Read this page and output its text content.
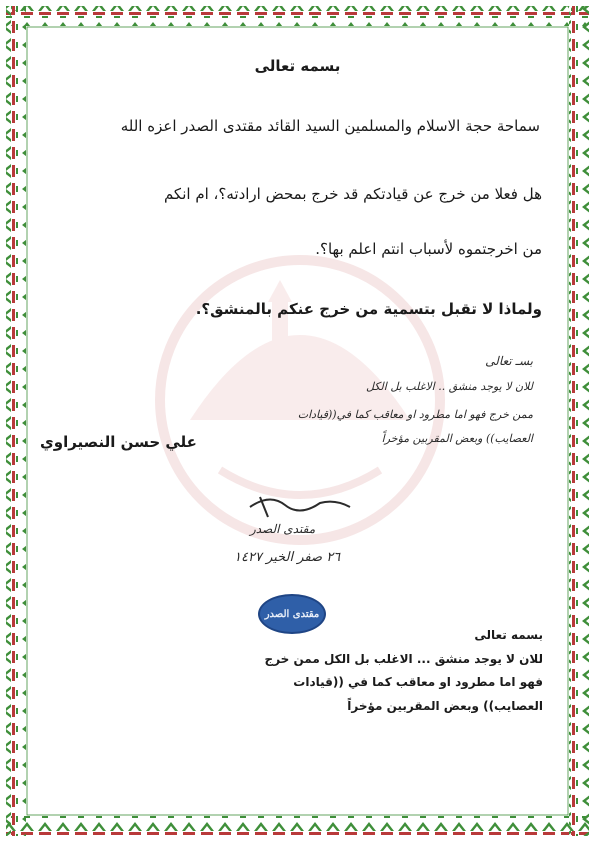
بسمه تعالى
سماحة حجة الاسلام والمسلمين السيد القائد مقتدى الصدر اعزه الله
هل فعلا من خرج عن قيادتكم قد خرج بمحض ارادته؟، ام انكم
من اخرجتموه لأسباب انتم اعلم بها؟.
ولماذا لا تقبل بتسمية من خرج عنكم بالمنشق؟.
علي حسن النصيراوي
بسـ تعالى
للان لا يوجد منشق .. الاغلب بل الكل
ممن خرج فهو اما مطرود او معاقب كما في((قيادات
العصايب)) وبعض المقربين مؤخراً
مقتدى الصدر
٢٦ صفر الخير ١٤٢٧
مقتدى الصدر
بسمه تعالى
للان لا يوجد منشق ... الاغلب بل الكل ممن خرج
فهو اما مطرود او معاقب كما في ((قيادات
العصايب)) وبعض المقربين مؤخراً
